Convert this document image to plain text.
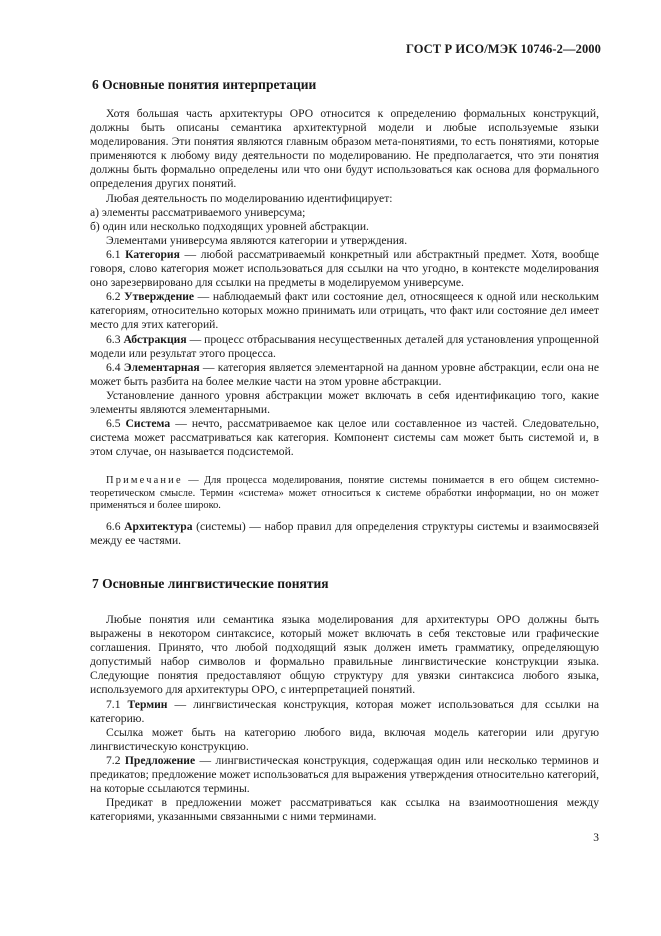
ГОСТ Р ИСО/МЭК 10746-2—2000
6 Основные понятия интерпретации

Хотя большая часть архитектуры ОРО относится к определению формальных конструкций, должны быть описаны семантика архитектурной модели и любые используемые языки моделирования. Эти понятия являются главным образом мета-понятиями, то есть понятиями, которые применяются к любому виду деятельности по моделированию. Не предполагается, что эти понятия должны быть формально определены или что они будут использоваться как основа для формального определения других понятий.

Любая деятельность по моделированию идентифицирует:

а) элементы рассматриваемого универсума;

б) один или несколько подходящих уровней абстракции.

Элементами универсума являются категории и утверждения.

6.1 Категория — любой рассматриваемый конкретный или абстрактный предмет. Хотя, вообще говоря, слово категория может использоваться для ссылки на что угодно, в контексте моделирования оно зарезервировано для ссылки на предметы в моделируемом универсуме.

6.2 Утверждение — наблюдаемый факт или состояние дел, относящееся к одной или нескольким категориям, относительно которых можно принимать или отрицать, что факт или состояние дел имеет место для этих категорий.

6.3 Абстракция — процесс отбрасывания несущественных деталей для установления упрощенной модели или результат этого процесса.

6.4 Элементарная — категория является элементарной на данном уровне абстракции, если она не может быть разбита на более мелкие части на этом уровне абстракции.

Установление данного уровня абстракции может включать в себя идентификацию того, какие элементы являются элементарными.

6.5 Система — нечто, рассматриваемое как целое или составленное из частей. Следовательно, система может рассматриваться как категория. Компонент системы сам может быть системой и, в этом случае, он называется подсистемой.

Примечание — Для процесса моделирования, понятие системы понимается в его общем системно-теоретическом смысле. Термин «система» может относиться к системе обработки информации, но он может применяться и более широко.

6.6 Архитектура (системы) — набор правил для определения структуры системы и взаимосвязей между ее частями.

7 Основные лингвистические понятия

Любые понятия или семантика языка моделирования для архитектуры ОРО должны быть выражены в некотором синтаксисе, который может включать в себя текстовые или графические соглашения. Принято, что любой подходящий язык должен иметь грамматику, определяющую допустимый набор символов и формально правильные лингвистические конструкции языка. Следующие понятия предоставляют общую структуру для увязки синтаксиса любого языка, используемого для архитектуры ОРО, с интерпретацией понятий.

7.1 Термин — лингвистическая конструкция, которая может использоваться для ссылки на категорию.

Ссылка может быть на категорию любого вида, включая модель категории или другую лингвистическую конструкцию.

7.2 Предложение — лингвистическая конструкция, содержащая один или несколько терминов и предикатов; предложение может использоваться для выражения утверждения относительно категорий, на которые ссылаются термины.

Предикат в предложении может рассматриваться как ссылка на взаимоотношения между категориями, указанными связанными с ними терминами.

3
